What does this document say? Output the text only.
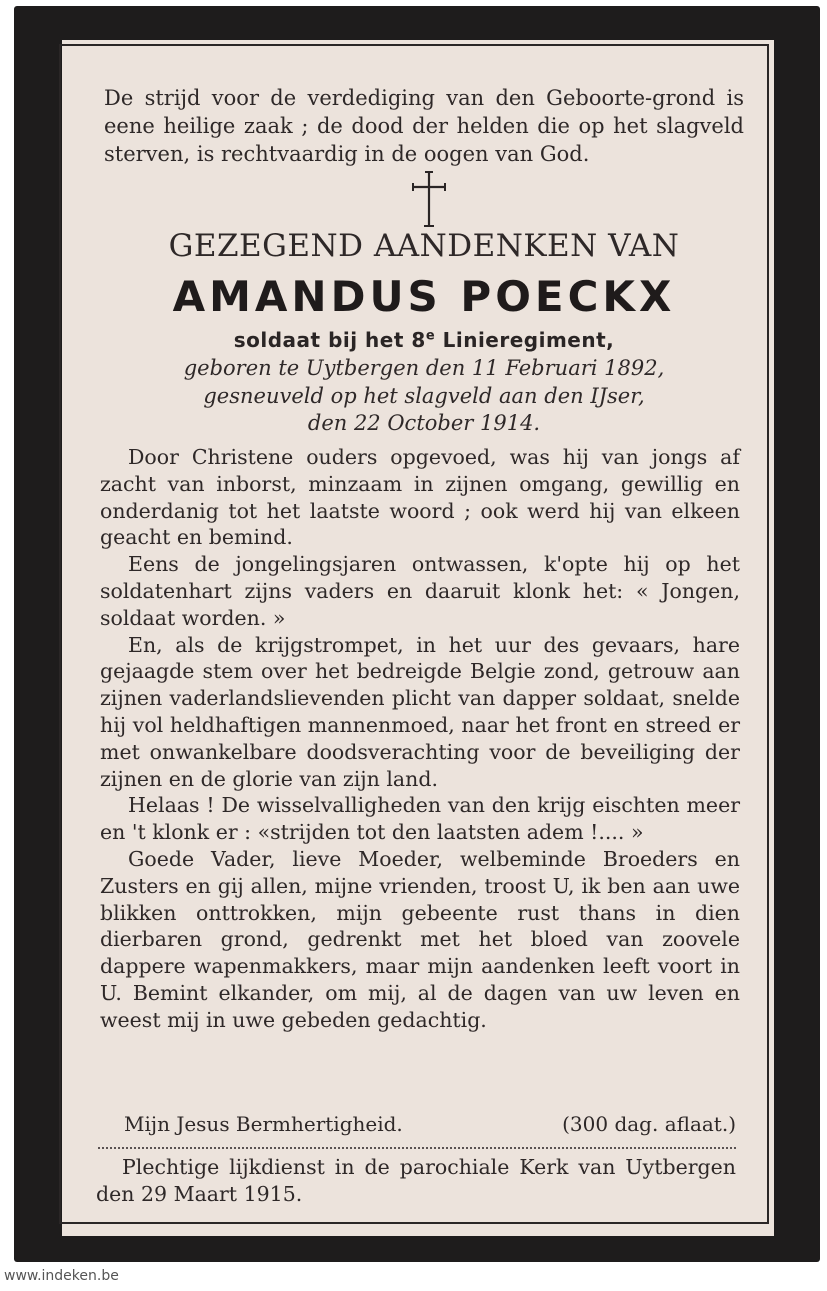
De strijd voor de verdediging van den Geboorte-grond is eene heilige zaak ; de dood der helden die op het slagveld sterven, is rechtvaardig in de oogen van God.
GEZEGEND AANDENKEN VAN
AMANDUS POECKX
soldaat bij het 8e Linieregiment,
geboren te Uytbergen den 11 Februari 1892,
gesneuveld op het slagveld aan den IJser,
den 22 October 1914.

Door Christene ouders opgevoed, was hij van jongs af zacht van inborst, minzaam in zijnen omgang, gewillig en onderdanig tot het laatste woord ; ook werd hij van elkeen geacht en bemind.

Eens de jongelingsjaren ontwassen, k'opte hij op het soldatenhart zijns vaders en daaruit klonk het: « Jongen, soldaat worden. »

En, als de krijgstrompet, in het uur des gevaars, hare gejaagde stem over het bedreigde Belgie zond, getrouw aan zijnen vaderlandslievenden plicht van dapper soldaat, snelde hij vol heldhaftigen mannenmoed, naar het front en streed er met onwankelbare doodsverachting voor de beveiliging der zijnen en de glorie van zijn land.

Helaas ! De wisselvalligheden van den krijg eischten meer en 't klonk er : «strijden tot den laatsten adem !.... »

Goede Vader, lieve Moeder, welbeminde Broeders en Zusters en gij allen, mijne vrienden, troost U, ik ben aan uwe blikken onttrokken, mijn gebeente rust thans in dien dierbaren grond, gedrenkt met het bloed van zoovele dappere wapenmakkers, maar mijn aandenken leeft voort in U. Bemint elkander, om mij, al de dagen van uw leven en weest mij in uwe gebeden gedachtig.

Mijn Jesus Bermhertigheid.	(300 dag. aflaat.)
Plechtige lijkdienst in de parochiale Kerk van Uytbergen den 29 Maart 1915.
www.indeken.be
